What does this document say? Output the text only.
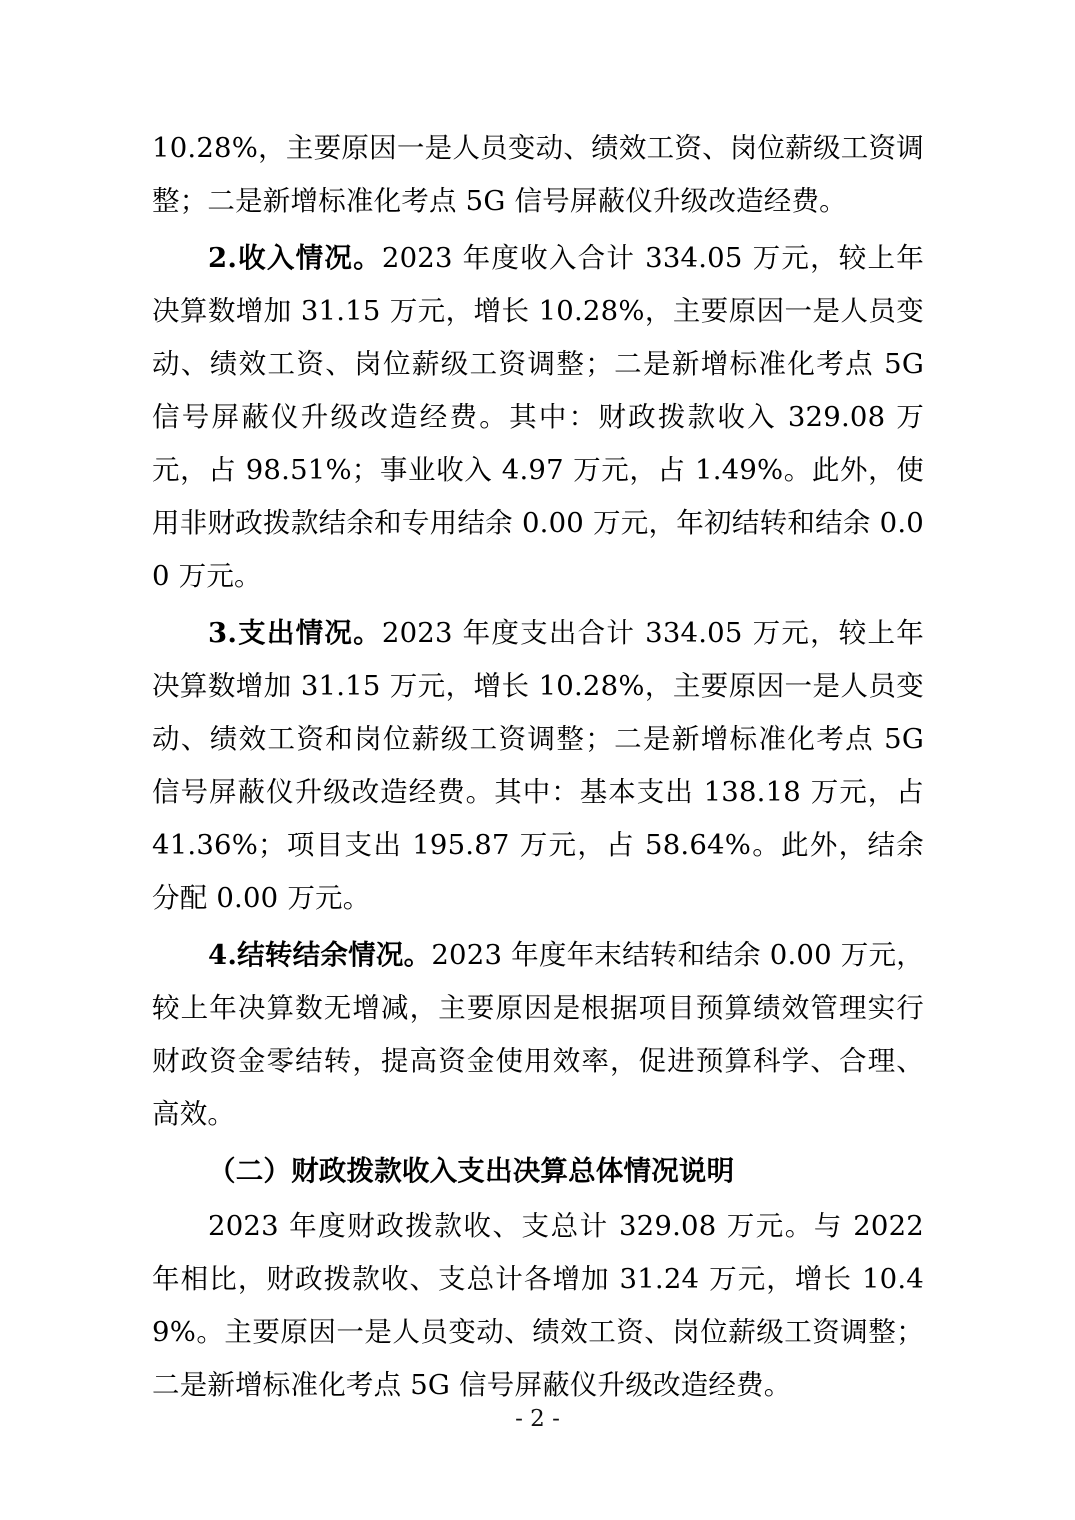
10.28%，主要原因一是人员变动、绩效工资、岗位薪级工资调整；二是新增标准化考点 5G 信号屏蔽仪升级改造经费。

2.收入情况。2023 年度收入合计 334.05 万元，较上年决算数增加 31.15 万元，增长 10.28%，主要原因一是人员变动、绩效工资、岗位薪级工资调整；二是新增标准化考点 5G 信号屏蔽仪升级改造经费。其中：财政拨款收入 329.08 万元，占 98.51%；事业收入 4.97 万元，占 1.49%。此外，使用非财政拨款结余和专用结余 0.00 万元，年初结转和结余 0.00 万元。

3.支出情况。2023 年度支出合计 334.05 万元，较上年决算数增加 31.15 万元，增长 10.28%，主要原因一是人员变动、绩效工资和岗位薪级工资调整；二是新增标准化考点 5G 信号屏蔽仪升级改造经费。其中：基本支出 138.18 万元，占 41.36%；项目支出 195.87 万元，占 58.64%。此外，结余分配 0.00 万元。

4.结转结余情况。2023 年度年末结转和结余 0.00 万元，较上年决算数无增减，主要原因是根据项目预算绩效管理实行财政资金零结转，提高资金使用效率，促进预算科学、合理、高效。

（二）财政拨款收入支出决算总体情况说明

2023 年度财政拨款收、支总计 329.08 万元。与 2022 年相比，财政拨款收、支总计各增加 31.24 万元，增长 10.49%。主要原因一是人员变动、绩效工资、岗位薪级工资调整；二是新增标准化考点 5G 信号屏蔽仪升级改造经费。

- 2 -
